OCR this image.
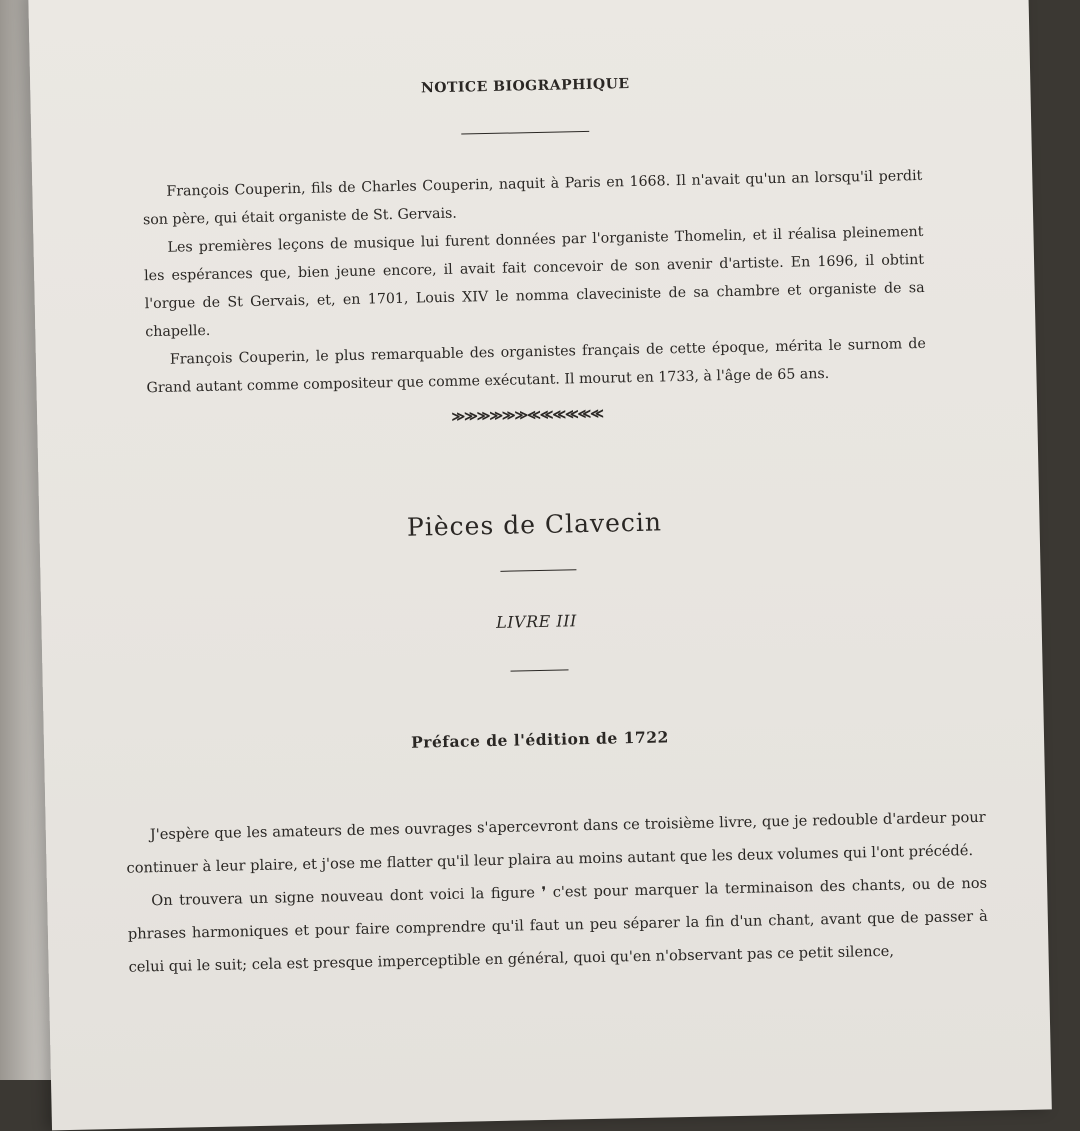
NOTICE BIOGRAPHIQUE

François Couperin, fils de Charles Couperin, naquit à Paris en 1668. Il n'avait qu'un an lorsqu'il perdit son père, qui était organiste de St. Gervais.

Les premières leçons de musique lui furent données par l'organiste Thomelin, et il réalisa pleinement les espérances que, bien jeune encore, il avait fait concevoir de son avenir d'artiste. En 1696, il obtint l'orgue de St Gervais, et, en 1701, Louis XIV le nomma claveciniste de sa chambre et organiste de sa chapelle.

François Couperin, le plus remarquable des organistes français de cette époque, mérita le surnom de Grand autant comme compositeur que comme exécutant. Il mourut en 1733, à l'âge de 65 ans.

≫≫≫≫≫≫≪≪≪≪≪≪
Pièces de Clavecin
LIVRE III
Préface de l'édition de 1722

J'espère que les amateurs de mes ouvrages s'apercevront dans ce troisième livre, que je redouble d'ardeur pour continuer à leur plaire, et j'ose me flatter qu'il leur plaira au moins autant que les deux volumes qui l'ont précédé.

On trouvera un signe nouveau dont voici la figure ❜ c'est pour marquer la terminaison des chants, ou de nos phrases harmoniques et pour faire comprendre qu'il faut un peu séparer la fin d'un chant, avant que de passer à celui qui le suit; cela est presque imperceptible en général, quoi qu'en n'observant pas ce petit silence,
